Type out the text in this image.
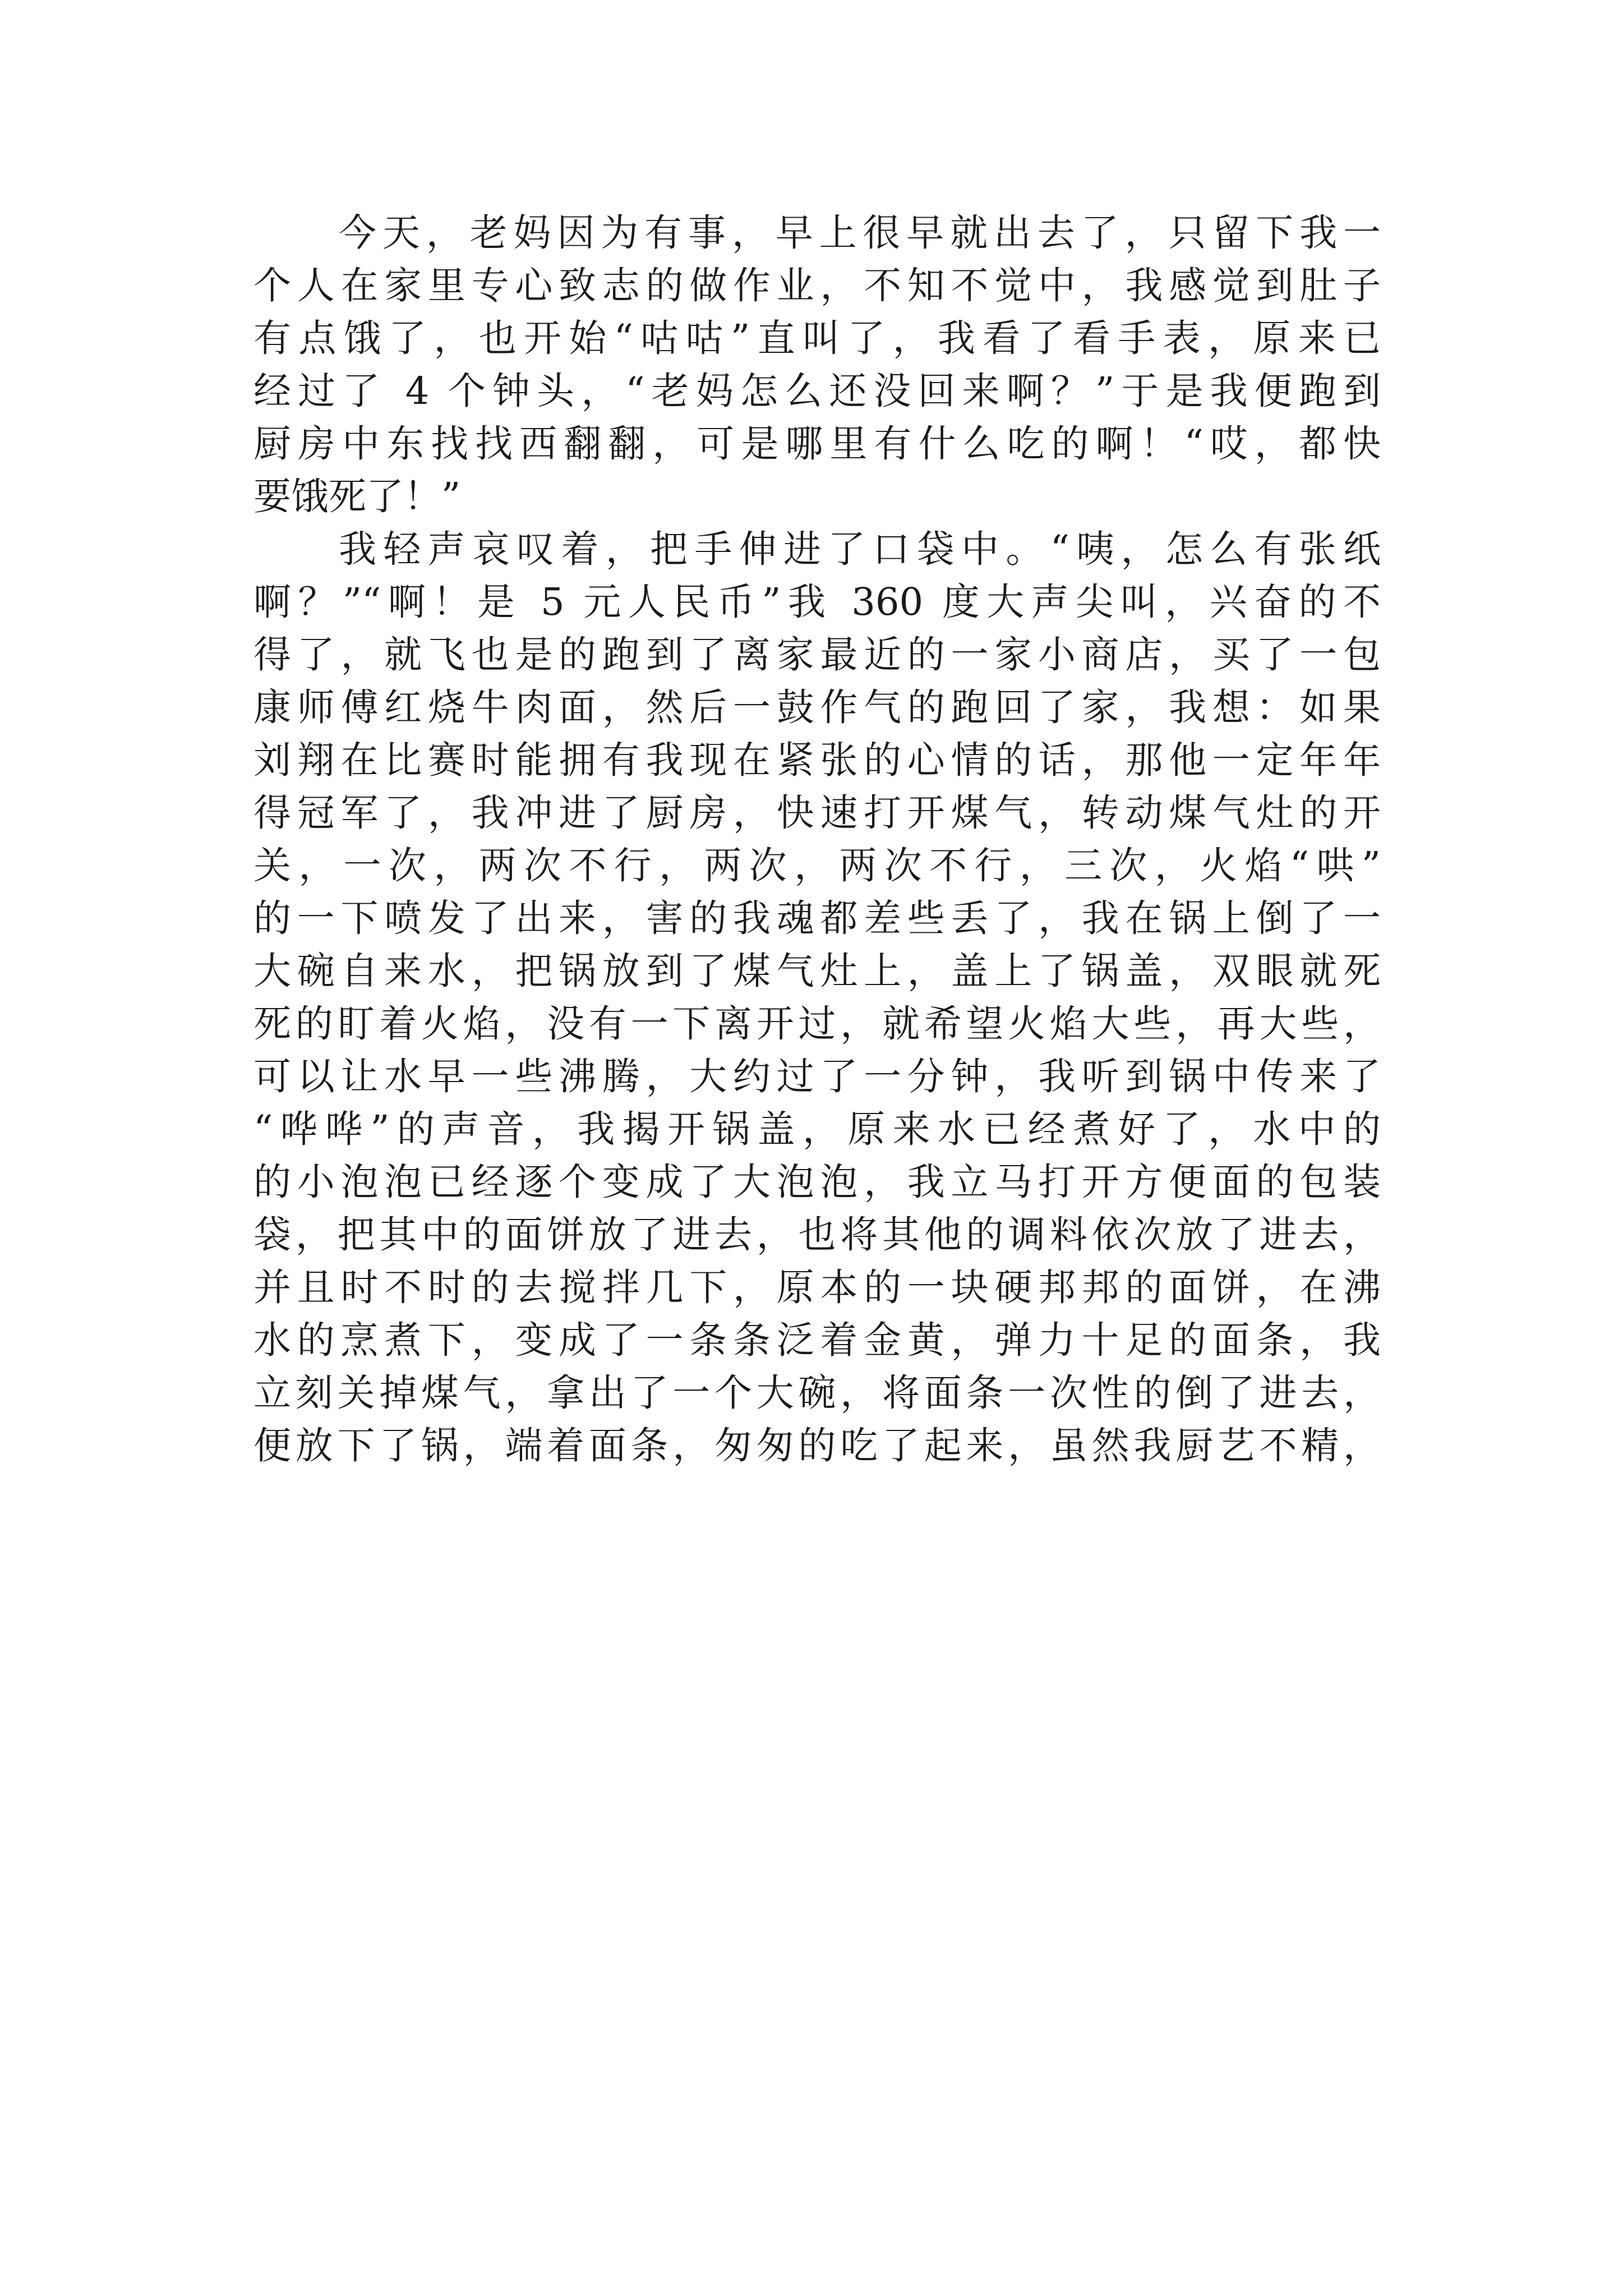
今天，老妈因为有事，早上很早就出去了，只留下我一
个人在家里专心致志的做作业，不知不觉中，我感觉到肚子
有点饿了，也开始“咕咕”直叫了，我看了看手表，原来已
经过了 4 个钟头，“老妈怎么还没回来啊？”于是我便跑到
厨房中东找找西翻翻，可是哪里有什么吃的啊！“哎，都快
要饿死了！”
我轻声哀叹着，把手伸进了口袋中。“咦，怎么有张纸
啊？”“啊！是 5 元人民币”我 360 度大声尖叫，兴奋的不
得了，就飞也是的跑到了离家最近的一家小商店，买了一包
康师傅红烧牛肉面，然后一鼓作气的跑回了家，我想：如果
刘翔在比赛时能拥有我现在紧张的心情的话，那他一定年年
得冠军了，我冲进了厨房，快速打开煤气，转动煤气灶的开
关，一次，两次不行，两次，两次不行，三次，火焰“哄”
的一下喷发了出来，害的我魂都差些丢了，我在锅上倒了一
大碗自来水，把锅放到了煤气灶上，盖上了锅盖，双眼就死
死的盯着火焰，没有一下离开过，就希望火焰大些，再大些，
可以让水早一些沸腾，大约过了一分钟，我听到锅中传来了
“哗哗”的声音，我揭开锅盖，原来水已经煮好了，水中的
的小泡泡已经逐个变成了大泡泡，我立马打开方便面的包装
袋，把其中的面饼放了进去，也将其他的调料依次放了进去，
并且时不时的去搅拌几下，原本的一块硬邦邦的面饼，在沸
水的烹煮下，变成了一条条泛着金黄，弹力十足的面条，我
立刻关掉煤气，拿出了一个大碗，将面条一次性的倒了进去，
便放下了锅，端着面条，匆匆的吃了起来，虽然我厨艺不精，
